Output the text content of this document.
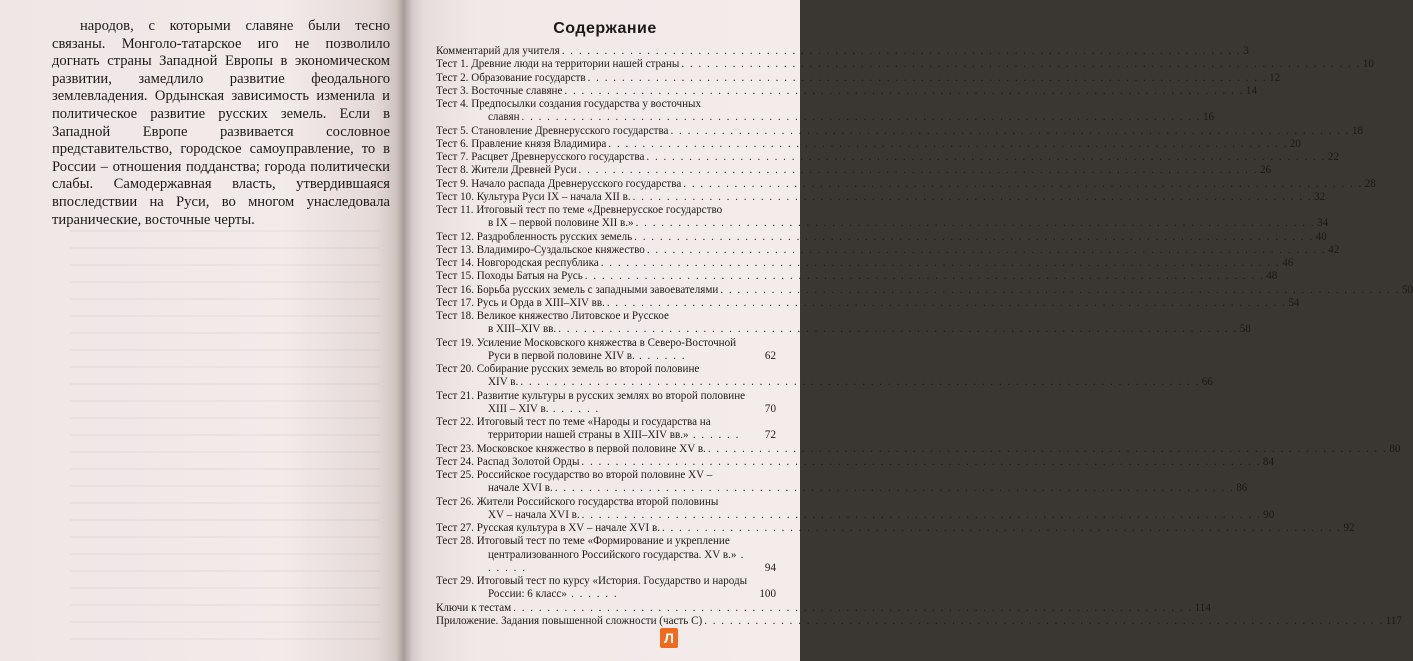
народов, с которыми славяне были тесно связаны. Монголо-татарское иго не позволило догнать страны Западной Европы в экономическом развитии, замедлило развитие феодального землевладения. Ордынская зависимость изменила и политическое развитие русских земель. Если в Западной Европе развивается сословное представительство, городское самоуправление, то в России – отношения подданства; города политически слабы. Самодержавная власть, утвердившаяся впоследствии на Руси, во многом унаследовала тиранические, восточные черты.

Содержание
Комментарий для учителя . . . . . . . . . . . . . . . . . . . . . . . . . . . . . . . . . . . . . . . . . . . . . . . . . . . . . . . . . . . . . . . . . . . . . . . . . . . . . . . . 3
Тест 1. Древние люди на территории нашей страны . . . . . . . . . . . . . . . . . . . . . . . . . . . . . . . . . . . . . . . . . . . . . . . . . . . . . . . . . . . . . . . . . . . . . . . . . . . . . . . . 10
Тест 2. Образование государств . . . . . . . . . . . . . . . . . . . . . . . . . . . . . . . . . . . . . . . . . . . . . . . . . . . . . . . . . . . . . . . . . . . . . . . . . . . . . . . . 12
Тест 3. Восточные славяне . . . . . . . . . . . . . . . . . . . . . . . . . . . . . . . . . . . . . . . . . . . . . . . . . . . . . . . . . . . . . . . . . . . . . . . . . . . . . . . . 14
Тест 4. Предпосылки создания государства у восточных
славян . . . . . . . . . . . . . . . . . . . . . . . . . . . . . . . . . . . . . . . . . . . . . . . . . . . . . . . . . . . . . . . . . . . . . . . . . . . . . . . . 16
Тест 5. Становление Древнерусского государства . . . . . . . . . . . . . . . . . . . . . . . . . . . . . . . . . . . . . . . . . . . . . . . . . . . . . . . . . . . . . . . . . . . . . . . . . . . . . . . . 18
Тест 6. Правление князя Владимира . . . . . . . . . . . . . . . . . . . . . . . . . . . . . . . . . . . . . . . . . . . . . . . . . . . . . . . . . . . . . . . . . . . . . . . . . . . . . . . . 20
Тест 7. Расцвет Древнерусского государства . . . . . . . . . . . . . . . . . . . . . . . . . . . . . . . . . . . . . . . . . . . . . . . . . . . . . . . . . . . . . . . . . . . . . . . . . . . . . . . . 22
Тест 8. Жители Древней Руси . . . . . . . . . . . . . . . . . . . . . . . . . . . . . . . . . . . . . . . . . . . . . . . . . . . . . . . . . . . . . . . . . . . . . . . . . . . . . . . . 26
Тест 9. Начало распада Древнерусского государства . . . . . . . . . . . . . . . . . . . . . . . . . . . . . . . . . . . . . . . . . . . . . . . . . . . . . . . . . . . . . . . . . . . . . . . . . . . . . . . . 28
Тест 10. Культура Руси IX – начала XII в. . . . . . . . . . . . . . . . . . . . . . . . . . . . . . . . . . . . . . . . . . . . . . . . . . . . . . . . . . . . . . . . . . . . . . . . . . . . . . . . . 32
Тест 11. Итоговый тест по теме «Древнерусское государство
в IX – первой половине XII в.» . . . . . . . . . . . . . . . . . . . . . . . . . . . . . . . . . . . . . . . . . . . . . . . . . . . . . . . . . . . . . . . . . . . . . . . . . . . . . . . . 34
Тест 12. Раздробленность русских земель . . . . . . . . . . . . . . . . . . . . . . . . . . . . . . . . . . . . . . . . . . . . . . . . . . . . . . . . . . . . . . . . . . . . . . . . . . . . . . . . 40
Тест 13. Владимиро-Суздальское княжество . . . . . . . . . . . . . . . . . . . . . . . . . . . . . . . . . . . . . . . . . . . . . . . . . . . . . . . . . . . . . . . . . . . . . . . . . . . . . . . . 42
Тест 14. Новгородская республика . . . . . . . . . . . . . . . . . . . . . . . . . . . . . . . . . . . . . . . . . . . . . . . . . . . . . . . . . . . . . . . . . . . . . . . . . . . . . . . . 46
Тест 15. Походы Батыя на Русь . . . . . . . . . . . . . . . . . . . . . . . . . . . . . . . . . . . . . . . . . . . . . . . . . . . . . . . . . . . . . . . . . . . . . . . . . . . . . . . . 48
Тест 16. Борьба русских земель с западными завоевателями . . . . . . . . . . . . . . . . . . . . . . . . . . . . . . . . . . . . . . . . . . . . . . . . . . . . . . . . . . . . . . . . . . . . . . . . . . . . . . . . 50
Тест 17. Русь и Орда в XIII–XIV вв. . . . . . . . . . . . . . . . . . . . . . . . . . . . . . . . . . . . . . . . . . . . . . . . . . . . . . . . . . . . . . . . . . . . . . . . . . . . . . . . . 54
Тест 18. Великое княжество Литовское и Русское
в XIII–XIV вв. . . . . . . . . . . . . . . . . . . . . . . . . . . . . . . . . . . . . . . . . . . . . . . . . . . . . . . . . . . . . . . . . . . . . . . . . . . . . . . . . 58
Тест 19. Усиление Московского княжества в Северо-Восточной Руси в первой половине XIV в. . . . . . .	62
Тест 20. Собирание русских земель во второй половине
XIV в. . . . . . . . . . . . . . . . . . . . . . . . . . . . . . . . . . . . . . . . . . . . . . . . . . . . . . . . . . . . . . . . . . . . . . . . . . . . . . . . . 66
Тест 21. Развитие культуры в русских землях во второй половине XIII – XIV в. . . . . . .	70
Тест 22. Итоговый тест по теме «Народы и государства на территории нашей страны в XIII–XIV вв.» . . . . . . 72
Тест 23. Московское княжество в первой половине XV в. . . . . . . . . . . . . . . . . . . . . . . . . . . . . . . . . . . . . . . . . . . . . . . . . . . . . . . . . . . . . . . . . . . . . . . . . . . . . . . . . 80
Тест 24. Распад Золотой Орды . . . . . . . . . . . . . . . . . . . . . . . . . . . . . . . . . . . . . . . . . . . . . . . . . . . . . . . . . . . . . . . . . . . . . . . . . . . . . . . . 84
Тест 25. Российское государство во второй половине XV –
начале XVI в. . . . . . . . . . . . . . . . . . . . . . . . . . . . . . . . . . . . . . . . . . . . . . . . . . . . . . . . . . . . . . . . . . . . . . . . . . . . . . . . . 86
Тест 26. Жители Российского государства второй половины
XV – начала XVI в. . . . . . . . . . . . . . . . . . . . . . . . . . . . . . . . . . . . . . . . . . . . . . . . . . . . . . . . . . . . . . . . . . . . . . . . . . . . . . . . . 90
Тест 27. Русская культура в XV – начале XVI в. . . . . . . . . . . . . . . . . . . . . . . . . . . . . . . . . . . . . . . . . . . . . . . . . . . . . . . . . . . . . . . . . . . . . . . . . . . . . . . . . 92
Тест 28. Итоговый тест по теме «Формирование и укрепление централизованного Российского государства. XV в.» . . . . . .	94
Тест 29. Итоговый тест по курсу «История. Государство и народы России: 6 класс» . . . . . .	100
Ключи к тестам . . . . . . . . . . . . . . . . . . . . . . . . . . . . . . . . . . . . . . . . . . . . . . . . . . . . . . . . . . . . . . . . . . . . . . . . . . . . . . . . 114
Приложение. Задания повышенной сложности (часть С) . . . . . . . . . . . . . . . . . . . . . . . . . . . . . . . . . . . . . . . . . . . . . . . . . . . . . . . . . . . . . . . . . . . . . . . . . . . . . . . . 117
Л
